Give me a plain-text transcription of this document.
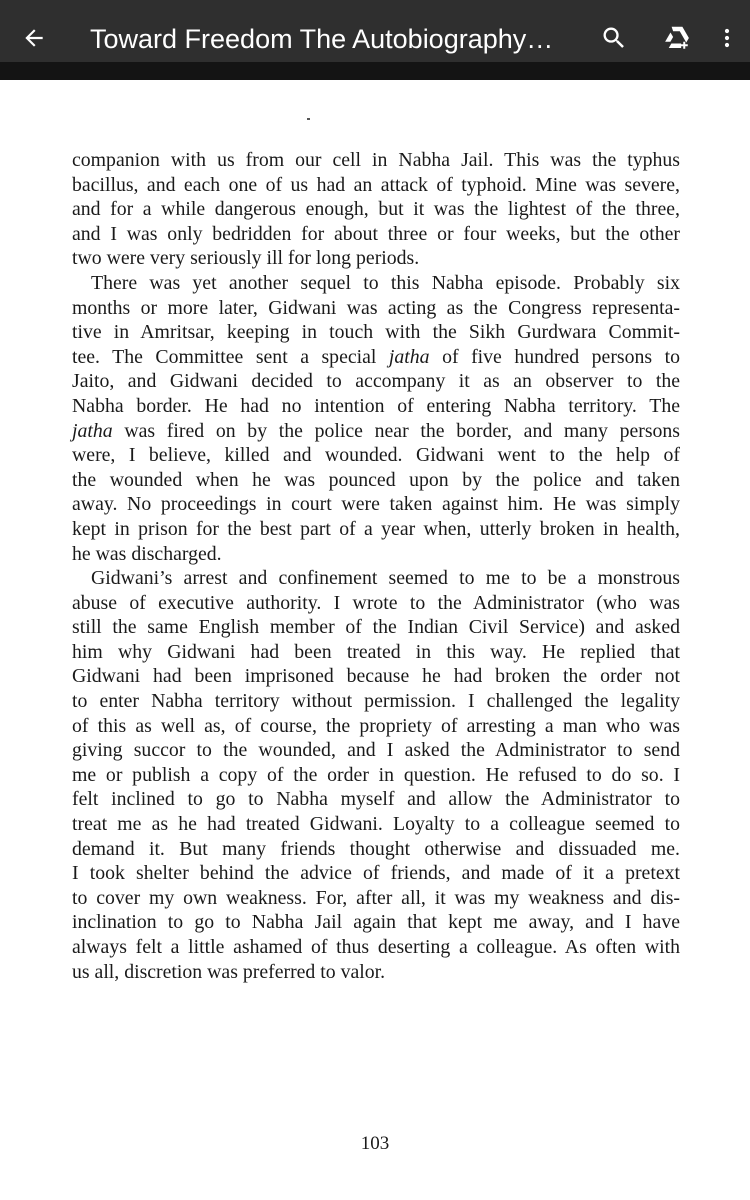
Toward Freedom The Autobiography…
companion with us from our cell in Nabha Jail. This was the typhus
bacillus, and each one of us had an attack of typhoid. Mine was severe,
and for a while dangerous enough, but it was the lightest of the three,
and I was only bedridden for about three or four weeks, but the other
two were very seriously ill for long periods.
There was yet another sequel to this Nabha episode. Probably six
months or more later, Gidwani was acting as the Congress representa-
tive in Amritsar, keeping in touch with the Sikh Gurdwara Commit-
tee. The Committee sent a special jatha of five hundred persons to
Jaito, and Gidwani decided to accompany it as an observer to the
Nabha border. He had no intention of entering Nabha territory. The
jatha was fired on by the police near the border, and many persons
were, I believe, killed and wounded. Gidwani went to the help of
the wounded when he was pounced upon by the police and taken
away. No proceedings in court were taken against him. He was simply
kept in prison for the best part of a year when, utterly broken in health,
he was discharged.
Gidwani’s arrest and confinement seemed to me to be a monstrous
abuse of executive authority. I wrote to the Administrator (who was
still the same English member of the Indian Civil Service) and asked
him why Gidwani had been treated in this way. He replied that
Gidwani had been imprisoned because he had broken the order not
to enter Nabha territory without permission. I challenged the legality
of this as well as, of course, the propriety of arresting a man who was
giving succor to the wounded, and I asked the Administrator to send
me or publish a copy of the order in question. He refused to do so. I
felt inclined to go to Nabha myself and allow the Administrator to
treat me as he had treated Gidwani. Loyalty to a colleague seemed to
demand it. But many friends thought otherwise and dissuaded me.
I took shelter behind the advice of friends, and made of it a pretext
to cover my own weakness. For, after all, it was my weakness and dis-
inclination to go to Nabha Jail again that kept me away, and I have
always felt a little ashamed of thus deserting a colleague. As often with
us all, discretion was preferred to valor.
103
